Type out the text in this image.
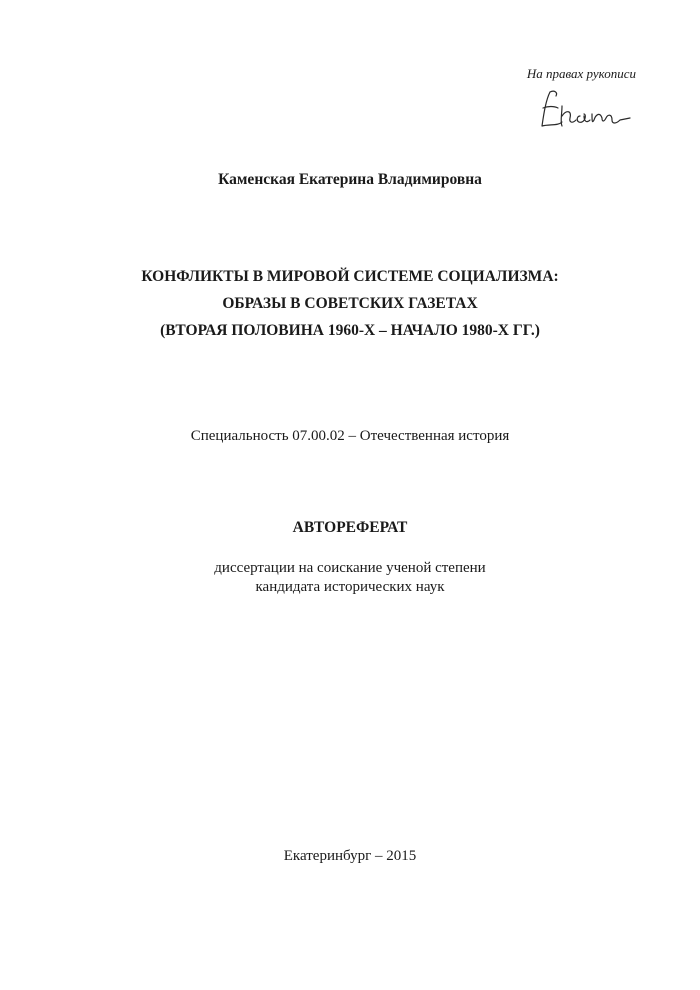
На правах рукописи
Каменская Екатерина Владимировна
КОНФЛИКТЫ В МИРОВОЙ СИСТЕМЕ СОЦИАЛИЗМА:
ОБРАЗЫ В СОВЕТСКИХ ГАЗЕТАХ
(ВТОРАЯ ПОЛОВИНА 1960-Х – НАЧАЛО 1980-Х ГГ.)
Специальность 07.00.02 – Отечественная история
АВТОРЕФЕРАТ
диссертации на соискание ученой степени
кандидата исторических наук
Екатеринбург – 2015
